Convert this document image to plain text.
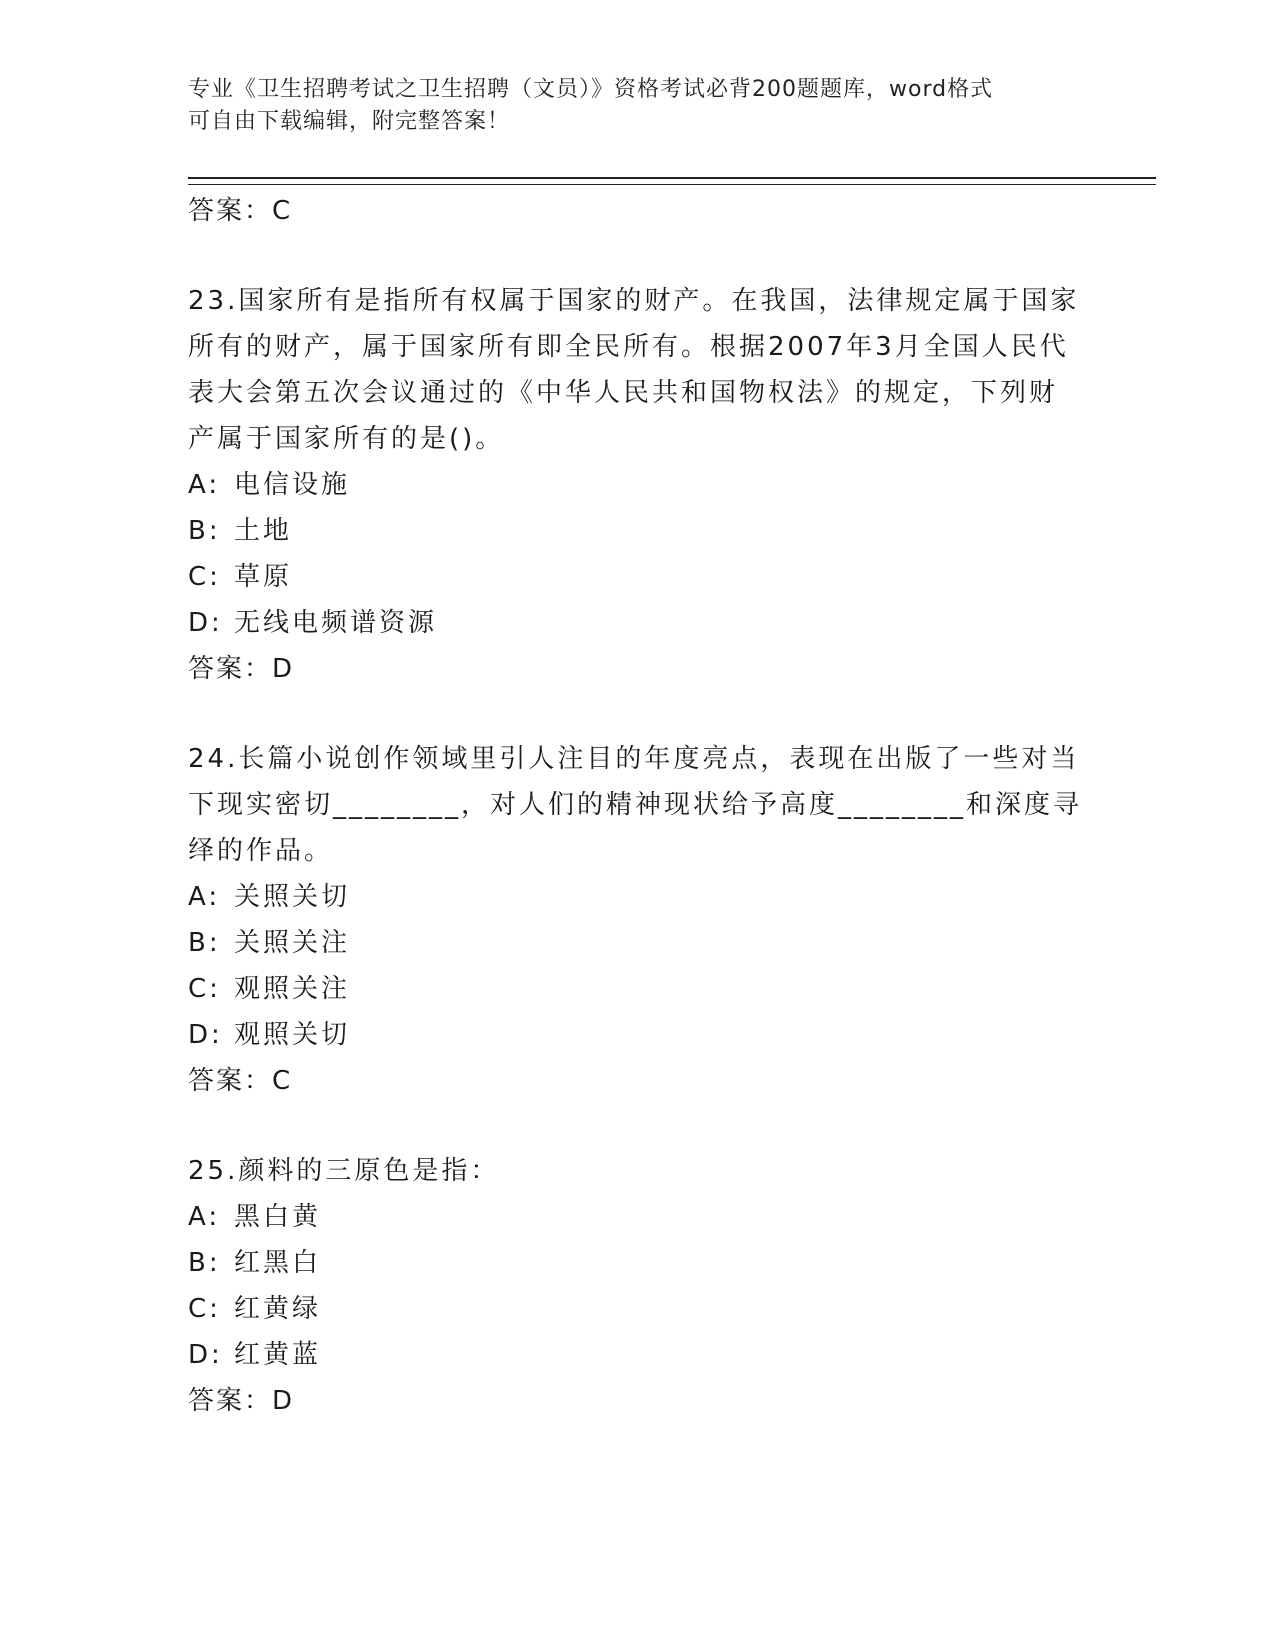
专业《卫生招聘考试之卫生招聘（文员）》资格考试必背200题题库，word格式
可自由下载编辑，附完整答案！
答案：C
23.国家所有是指所有权属于国家的财产。在我国，法律规定属于国家
所有的财产，属于国家所有即全民所有。根据2007年3月全国人民代
表大会第五次会议通过的《中华人民共和国物权法》的规定，下列财
产属于国家所有的是()。
A: 电信设施
B: 土地
C: 草原
D: 无线电频谱资源
答案：D
24.长篇小说创作领域里引人注目的年度亮点，表现在出版了一些对当
下现实密切________，对人们的精神现状给予高度________和深度寻
绎的作品。
A: 关照关切
B: 关照关注
C: 观照关注
D: 观照关切
答案：C
25.颜料的三原色是指：
A: 黑白黄
B: 红黑白
C: 红黄绿
D: 红黄蓝
答案：D
